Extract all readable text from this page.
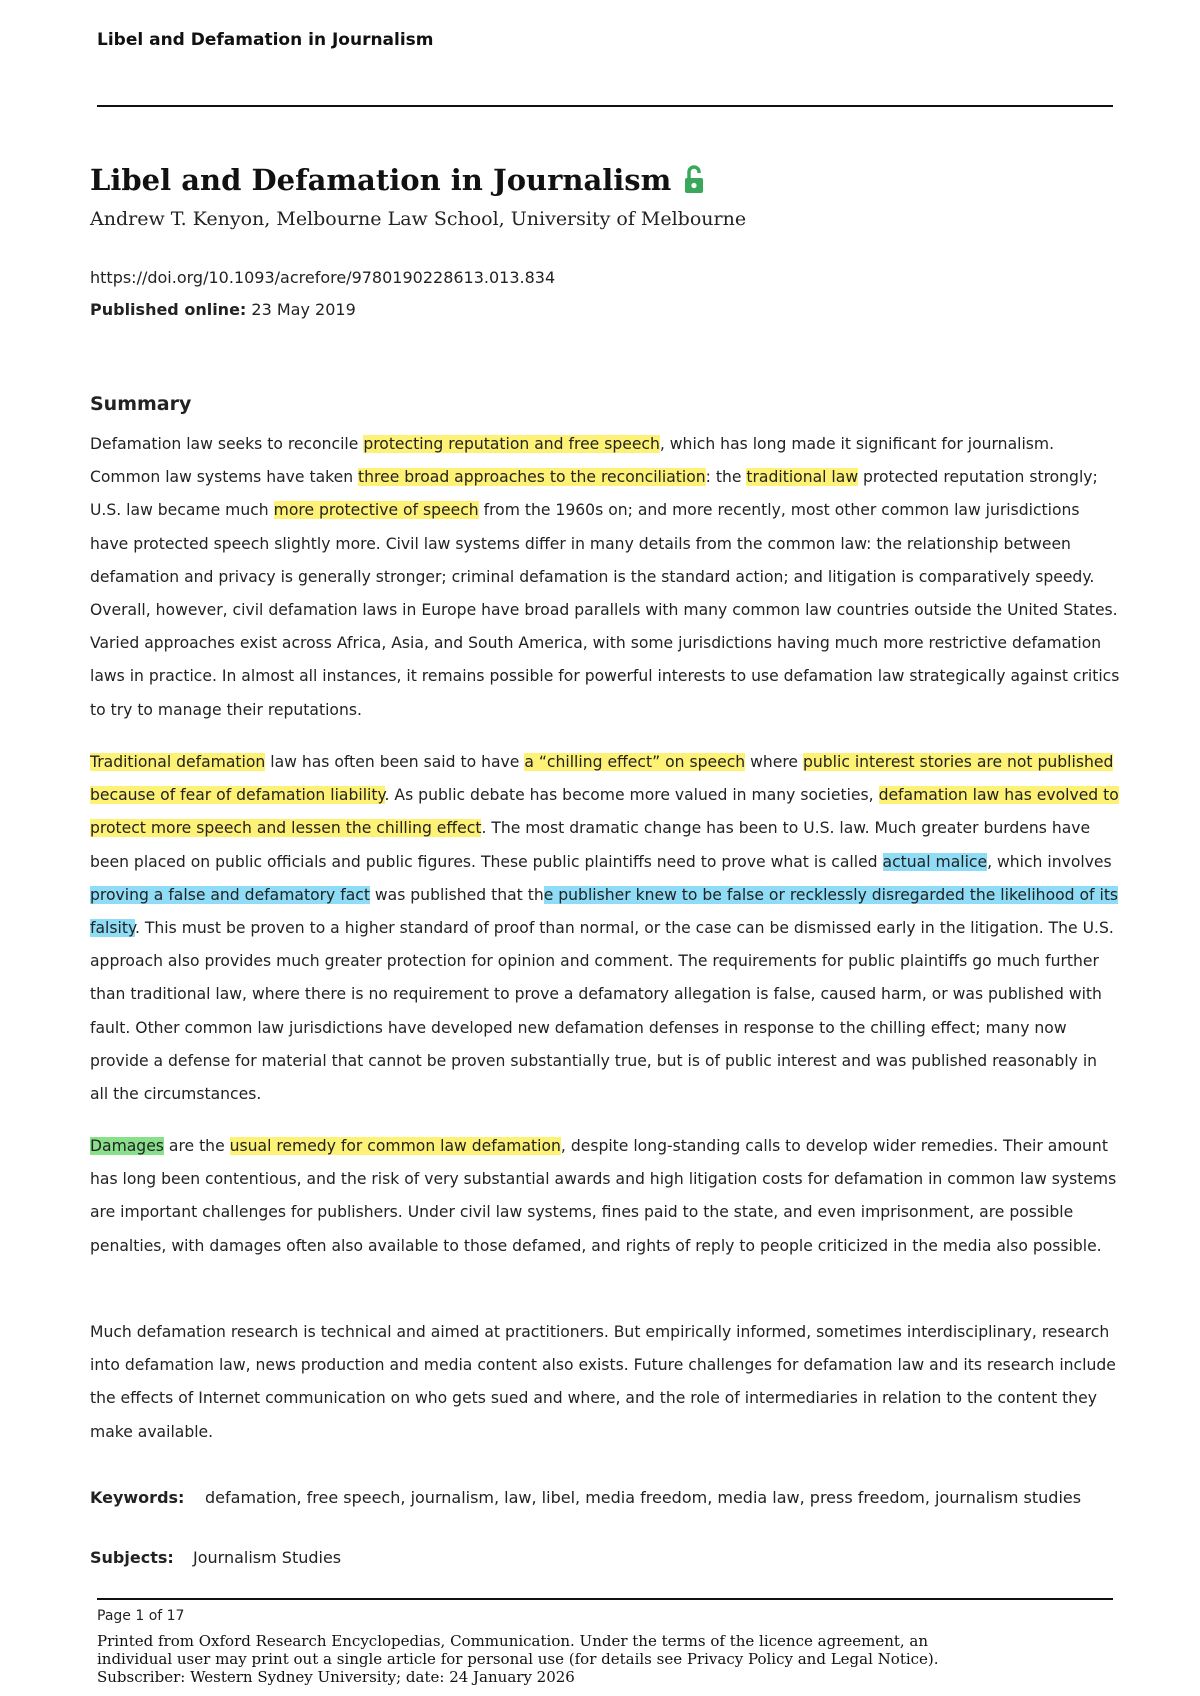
Libel and Defamation in Journalism
Libel and Defamation in Journalism
Andrew T. Kenyon, Melbourne Law School, University of Melbourne
https://doi.org/10.1093/acrefore/9780190228613.013.834
Published online: 23 May 2019
Summary

Defamation law seeks to reconcile protecting reputation and free speech, which has long made it significant for journalism. Common law systems have taken three broad approaches to the reconciliation: the traditional law protected reputation strongly; U.S. law became much more protective of speech from the 1960s on; and more recently, most other common law jurisdictions have protected speech slightly more. Civil law systems differ in many details from the common law: the relationship between defamation and privacy is generally stronger; criminal defamation is the standard action; and litigation is comparatively speedy. Overall, however, civil defamation laws in Europe have broad parallels with many common law countries outside the United States. Varied approaches exist across Africa, Asia, and South America, with some jurisdictions having much more restrictive defamation laws in practice. In almost all instances, it remains possible for powerful interests to use defamation law strategically against critics to try to manage their reputations.

Traditional defamation law has often been said to have a “chilling effect” on speech where public interest stories are not published because of fear of defamation liability. As public debate has become more valued in many societies, defamation law has evolved to protect more speech and lessen the chilling effect. The most dramatic change has been to U.S. law. Much greater burdens have been placed on public officials and public figures. These public plaintiffs need to prove what is called actual malice, which involves proving a false and defamatory fact was published that the publisher knew to be false or recklessly disregarded the likelihood of its falsity. This must be proven to a higher standard of proof than normal, or the case can be dismissed early in the litigation. The U.S. approach also provides much greater protection for opinion and comment. The requirements for public plaintiffs go much further than traditional law, where there is no requirement to prove a defamatory allegation is false, caused harm, or was published with fault. Other common law jurisdictions have developed new defamation defenses in response to the chilling effect; many now provide a defense for material that cannot be proven substantially true, but is of public interest and was published reasonably in all the circumstances.

Damages are the usual remedy for common law defamation, despite long-standing calls to develop wider remedies. Their amount has long been contentious, and the risk of very substantial awards and high litigation costs for defamation in common law systems are important challenges for publishers. Under civil law systems, fines paid to the state, and even imprisonment, are possible penalties, with damages often also available to those defamed, and rights of reply to people criticized in the media also possible.

Much defamation research is technical and aimed at practitioners. But empirically informed, sometimes interdisciplinary, research into defamation law, news production and media content also exists. Future challenges for defamation law and its research include the effects of Internet communication on who gets sued and where, and the role of intermediaries in relation to the content they make available.

Keywords: defamation, free speech, journalism, law, libel, media freedom, media law, press freedom, journalism studies
Subjects: Journalism Studies
Page 1 of 17
Printed from Oxford Research Encyclopedias, Communication. Under the terms of the licence agreement, an
individual user may print out a single article for personal use (for details see Privacy Policy and Legal Notice).
Subscriber: Western Sydney University; date: 24 January 2026
